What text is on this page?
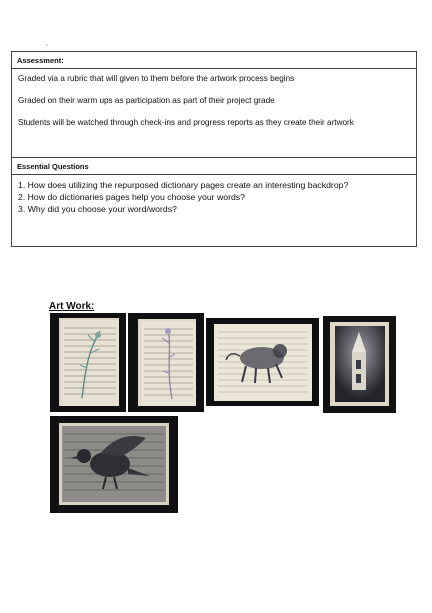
°
Assessment:

Graded via a rubric that will given to them before the artwork process begins

Graded on their warm ups as participation as part of their project grade

Students will be watched through check-ins and progress reports as they create their artwork

Essential Questions
1. How does utilizing the repurposed dictionary pages create an interesting backdrop?
2. How do dictionaries pages help you choose your words?
3. Why did you choose your word/words?
Art Work:
